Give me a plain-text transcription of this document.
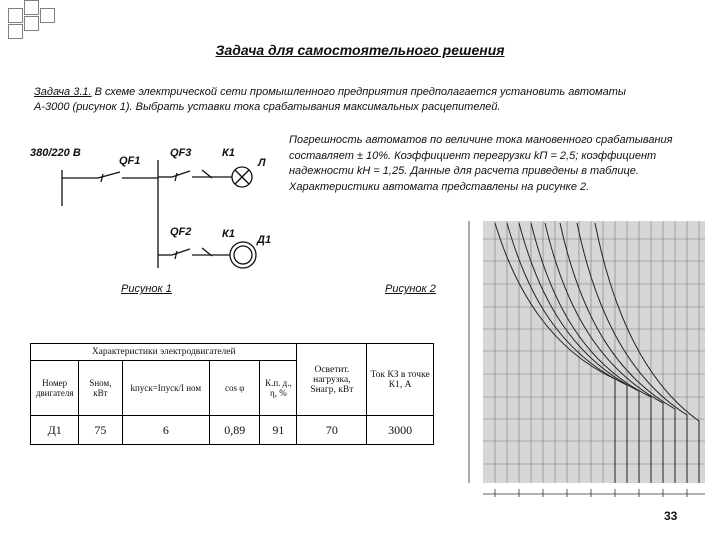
Задача для самостоятельного решения

Задача 3.1. В схеме электрической сети промышленного предприятия предполагается установить автоматы А-3000 (рисунок 1). Выбрать уставки тока срабатывания максимальных расцепителей.

Погрешность автоматов по величине тока мановенного срабатывания составляет ± 10%. Коэффициент перегрузки kП = 2,5; коэффициент надежности kН = 1,25. Данные для расчета приведены в таблице. Характеристики автомата представлены на рисунке 2.

380/220 В
QF1
QF3	К1
Л
QF2	К1 Д1
Рисунок 1	Рисунок 2
Характеристики электродвигателей					Осветит. нагрузка, Sнагр, кВт	Ток КЗ в точке К1, А
Номер двигателя	Sном, кВт	kпуск=Iпуск/I ном	cos φ	К.п. д., η, %		
Д1	75	6	0,89	91	70	3000
33
